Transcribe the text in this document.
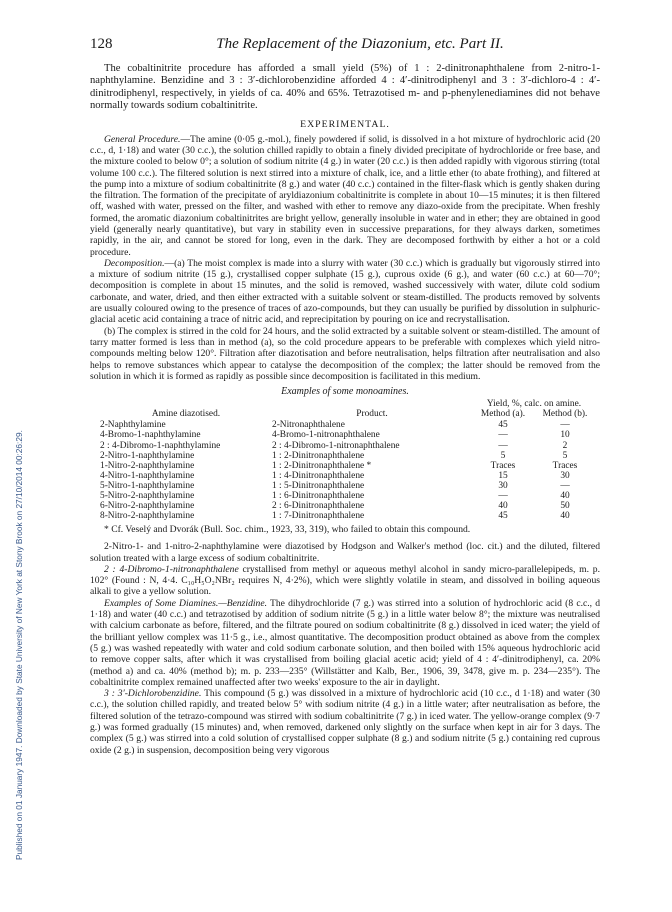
Published on 01 January 1947. Downloaded by State University of New York at Stony Brook on 27/10/2014 00:26:29.
128	The Replacement of the Diazonium, etc. Part II.

The cobaltinitrite procedure has afforded a small yield (5%) of 1 : 2-dinitronaphthalene from 2-nitro-1-naphthylamine. Benzidine and 3 : 3′-dichlorobenzidine afforded 4 : 4′-dinitrodiphenyl and 3 : 3′-dichloro-4 : 4′-dinitrodiphenyl, respectively, in yields of ca. 40% and 65%. Tetrazotised m- and p-phenylenediamines did not behave normally towards sodium cobaltinitrite.

EXPERIMENTAL.

General Procedure.—The amine (0·05 g.-mol.), finely powdered if solid, is dissolved in a hot mixture of hydrochloric acid (20 c.c., d, 1·18) and water (30 c.c.), the solution chilled rapidly to obtain a finely divided precipitate of hydrochloride or free base, and the mixture cooled to below 0°; a solution of sodium nitrite (4 g.) in water (20 c.c.) is then added rapidly with vigorous stirring (total volume 100 c.c.). The filtered solution is next stirred into a mixture of chalk, ice, and a little ether (to abate frothing), and filtered at the pump into a mixture of sodium cobaltinitrite (8 g.) and water (40 c.c.) contained in the filter-flask which is gently shaken during the filtration. The formation of the precipitate of aryldiazonium cobaltinitrite is complete in about 10—15 minutes; it is then filtered off, washed with water, pressed on the filter, and washed with ether to remove any diazo-oxide from the precipitate. When freshly formed, the aromatic diazonium cobaltinitrites are bright yellow, generally insoluble in water and in ether; they are obtained in good yield (generally nearly quantitative), but vary in stability even in successive preparations, for they always darken, sometimes rapidly, in the air, and cannot be stored for long, even in the dark. They are decomposed forthwith by either a hot or a cold procedure.

Decomposition.—(a) The moist complex is made into a slurry with water (30 c.c.) which is gradually but vigorously stirred into a mixture of sodium nitrite (15 g.), crystallised copper sulphate (15 g.), cuprous oxide (6 g.), and water (60 c.c.) at 60—70°; decomposition is complete in about 15 minutes, and the solid is removed, washed successively with water, dilute cold sodium carbonate, and water, dried, and then either extracted with a suitable solvent or steam-distilled. The products removed by solvents are usually coloured owing to the presence of traces of azo-compounds, but they can usually be purified by dissolution in sulphuric-glacial acetic acid containing a trace of nitric acid, and reprecipitation by pouring on ice and recrystallisation.

(b) The complex is stirred in the cold for 24 hours, and the solid extracted by a suitable solvent or steam-distilled. The amount of tarry matter formed is less than in method (a), so the cold procedure appears to be preferable with complexes which yield nitro-compounds melting below 120°. Filtration after diazotisation and before neutralisation, helps filtration after neutralisation and also helps to remove substances which appear to catalyse the decomposition of the complex; the latter should be removed from the solution in which it is formed as rapidly as possible since decomposition is facilitated in this medium.

Examples of some monoamines.
		Yield, %, calc. on amine.	
Amine diazotised.	Product.	Method (a).	Method (b).
2-Naphthylamine	2-Nitronaphthalene	45	—
4-Bromo-1-naphthylamine	4-Bromo-1-nitronaphthalene	—	10
2 : 4-Dibromo-1-naphthylamine	2 : 4-Dibromo-1-nitronaphthalene	—	2
2-Nitro-1-naphthylamine	1 : 2-Dinitronaphthalene	5	5
1-Nitro-2-naphthylamine	1 : 2-Dinitronaphthalene *	Traces	Traces
4-Nitro-1-naphthylamine	1 : 4-Dinitronaphthalene	15	30
5-Nitro-1-naphthylamine	1 : 5-Dinitronaphthalene	30	—
5-Nitro-2-naphthylamine	1 : 6-Dinitronaphthalene	—	40
6-Nitro-2-naphthylamine	2 : 6-Dinitronaphthalene	40	50
8-Nitro-2-naphthylamine	1 : 7-Dinitronaphthalene	45	40
* Cf. Veselý and Dvorák (Bull. Soc. chim., 1923, 33, 319), who failed to obtain this compound.

2-Nitro-1- and 1-nitro-2-naphthylamine were diazotised by Hodgson and Walker's method (loc. cit.) and the diluted, filtered solution treated with a large excess of sodium cobaltinitrite.

2 : 4-Dibromo-1-nitronaphthalene crystallised from methyl or aqueous methyl alcohol in sandy micro-parallelepipeds, m. p. 102° (Found : N, 4·4. C₁₀H₅O₂NBr₂ requires N, 4·2%), which were slightly volatile in steam, and dissolved in boiling aqueous alkali to give a yellow solution.

Examples of Some Diamines.—Benzidine. The dihydrochloride (7 g.) was stirred into a solution of hydrochloric acid (8 c.c., d 1·18) and water (40 c.c.) and tetrazotised by addition of sodium nitrite (5 g.) in a little water below 8°; the mixture was neutralised with calcium carbonate as before, filtered, and the filtrate poured on sodium cobaltinitrite (8 g.) dissolved in iced water; the yield of the brilliant yellow complex was 11·5 g., i.e., almost quantitative. The decomposition product obtained as above from the complex (5 g.) was washed repeatedly with water and cold sodium carbonate solution, and then boiled with 15% aqueous hydrochloric acid to remove copper salts, after which it was crystallised from boiling glacial acetic acid; yield of 4 : 4′-dinitrodiphenyl, ca. 20% (method a) and ca. 40% (method b); m. p. 233—235° (Willstätter and Kalb, Ber., 1906, 39, 3478, give m. p. 234—235°). The cobaltinitrite complex remained unaffected after two weeks' exposure to the air in daylight.

3 : 3′-Dichlorobenzidine. This compound (5 g.) was dissolved in a mixture of hydrochloric acid (10 c.c., d 1·18) and water (30 c.c.), the solution chilled rapidly, and treated below 5° with sodium nitrite (4 g.) in a little water; after neutralisation as before, the filtered solution of the tetrazo-compound was stirred with sodium cobaltinitrite (7 g.) in iced water. The yellow-orange complex (9·7 g.) was formed gradually (15 minutes) and, when removed, darkened only slightly on the surface when kept in air for 3 days. The complex (5 g.) was stirred into a cold solution of crystallised copper sulphate (8 g.) and sodium nitrite (5 g.) containing red cuprous oxide (2 g.) in suspension, decomposition being very vigorous
